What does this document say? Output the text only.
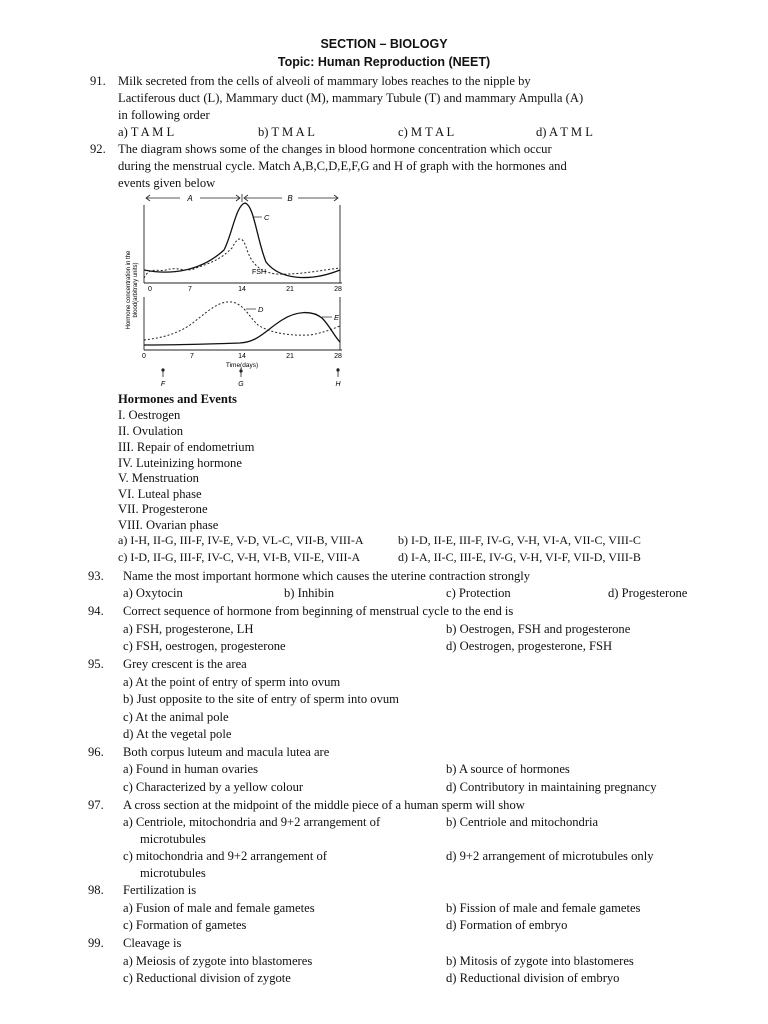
SECTION – BIOLOGY
Topic: Human Reproduction (NEET)
91. Milk secreted from the cells of alveoli of mammary lobes reaches to the nipple by
Lactiferous duct (L), Mammary duct (M), mammary Tubule (T) and mammary Ampulla (A)
in following order
a) T A M L	b) T M A L	c) M T A L	d) A T M L
92. The diagram shows some of the changes in blood hormone concentration which occur
during the menstrual cycle. Match A,B,C,D,E,F,G and H of graph with the hormones and
events given below
A	B
Hormone concentration in the blood(arbitrary units)	FSH
C
0	7	14	21	28
D
E
0	7	14	21	28
Time(days)
F	G	H
Hormones and Events
I. Oestrogen
II. Ovulation
III. Repair of endometrium
IV. Luteinizing hormone
V. Menstruation
VI. Luteal phase
VII. Progesterone
VIII. Ovarian phase
a) I-H, II-G, III-F, IV-E, V-D, VL-C, VII-B, VIII-A	b) I-D, II-E, III-F, IV-G, V-H, VI-A, VII-C, VIII-C
c) I-D, II-G, III-F, IV-C, V-H, VI-B, VII-E, VIII-A	d) I-A, II-C, III-E, IV-G, V-H, VI-F, VII-D, VIII-B
93. Name the most important hormone which causes the uterine contraction strongly
a) Oxytocin	b) Inhibin	c) Protection	d) Progesterone
94. Correct sequence of hormone from beginning of menstrual cycle to the end is
a) FSH, progesterone, LH	b) Oestrogen, FSH and progesterone
c) FSH, oestrogen, progesterone	d) Oestrogen, progesterone, FSH
95. Grey crescent is the area
a) At the point of entry of sperm into ovum
b) Just opposite to the site of entry of sperm into ovum
c) At the animal pole
d) At the vegetal pole
96. Both corpus luteum and macula lutea are
a) Found in human ovaries	b) A source of hormones
c) Characterized by a yellow colour	d) Contributory in maintaining pregnancy
97. A cross section at the midpoint of the middle piece of a human sperm will show
a) Centriole, mitochondria and 9+2 arrangement of
microtubules
b) Centriole and mitochondria
c) mitochondria and 9+2 arrangement of
microtubules
d) 9+2 arrangement of microtubules only
98. Fertilization is
a) Fusion of male and female gametes	b) Fission of male and female gametes
c) Formation of gametes	d) Formation of embryo
99. Cleavage is
a) Meiosis of zygote into blastomeres	b) Mitosis of zygote into blastomeres
c) Reductional division of zygote	d) Reductional division of embryo
